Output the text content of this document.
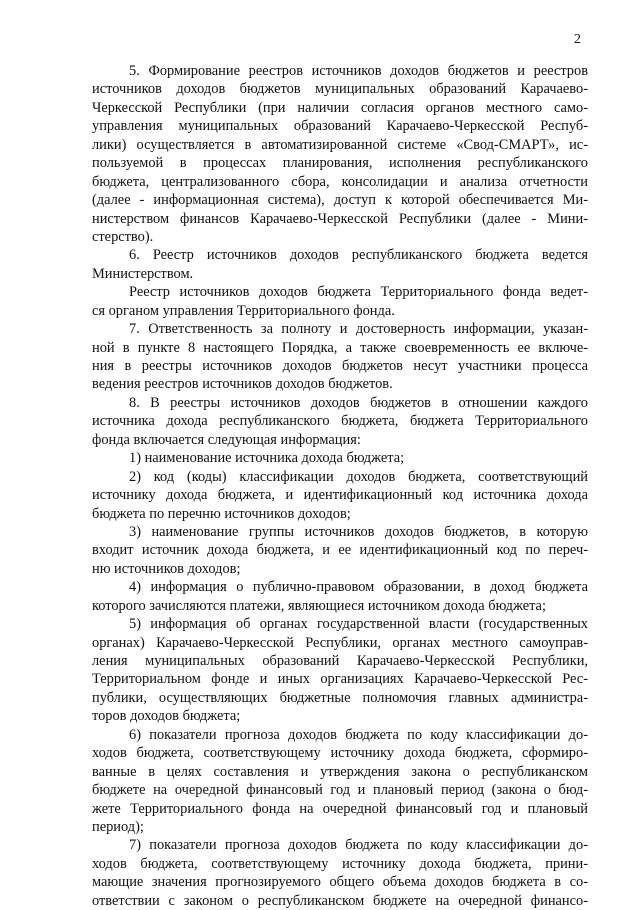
2
5. Формирование реестров источников доходов бюджетов и реестров
источников доходов бюджетов муниципальных образований Карачаево-
Черкесской Республики (при наличии согласия органов местного само-
управления муниципальных образований Карачаево-Черкесской Респуб-
лики) осуществляется в автоматизированной системе «Свод-СМАРТ», ис-
пользуемой в процессах планирования, исполнения республиканского
бюджета, централизованного сбора, консолидации и анализа отчетности
(далее - информационная система), доступ к которой обеспечивается Ми-
нистерством финансов Карачаево-Черкесской Республики (далее - Мини-
стерство).
6. Реестр источников доходов республиканского бюджета ведется
Министерством.
Реестр источников доходов бюджета Территориального фонда ведет-
ся органом управления Территориального фонда.
7. Ответственность за полноту и достоверность информации, указан-
ной в пункте 8 настоящего Порядка, а также своевременность ее включе-
ния в реестры источников доходов бюджетов несут участники процесса
ведения реестров источников доходов бюджетов.
8. В реестры источников доходов бюджетов в отношении каждого
источника дохода республиканского бюджета, бюджета Территориального
фонда включается следующая информация:
1) наименование источника дохода бюджета;
2) код (коды) классификации доходов бюджета, соответствующий
источнику дохода бюджета, и идентификационный код источника дохода
бюджета по перечню источников доходов;
3) наименование группы источников доходов бюджетов, в которую
входит источник дохода бюджета, и ее идентификационный код по переч-
ню источников доходов;
4) информация о публично-правовом образовании, в доход бюджета
которого зачисляются платежи, являющиеся источником дохода бюджета;
5) информация об органах государственной власти (государственных
органах) Карачаево-Черкесской Республики, органах местного самоуправ-
ления муниципальных образований Карачаево-Черкесской Республики,
Территориальном фонде и иных организациях Карачаево-Черкесской Рес-
публики, осуществляющих бюджетные полномочия главных администра-
торов доходов бюджета;
6) показатели прогноза доходов бюджета по коду классификации до-
ходов бюджета, соответствующему источнику дохода бюджета, сформиро-
ванные в целях составления и утверждения закона о республиканском
бюджете на очередной финансовый год и плановый период (закона о бюд-
жете Территориального фонда на очередной финансовый год и плановый
период);
7) показатели прогноза доходов бюджета по коду классификации до-
ходов бюджета, соответствующему источнику дохода бюджета, прини-
мающие значения прогнозируемого общего объема доходов бюджета в со-
ответствии с законом о республиканском бюджете на очередной финансо-
